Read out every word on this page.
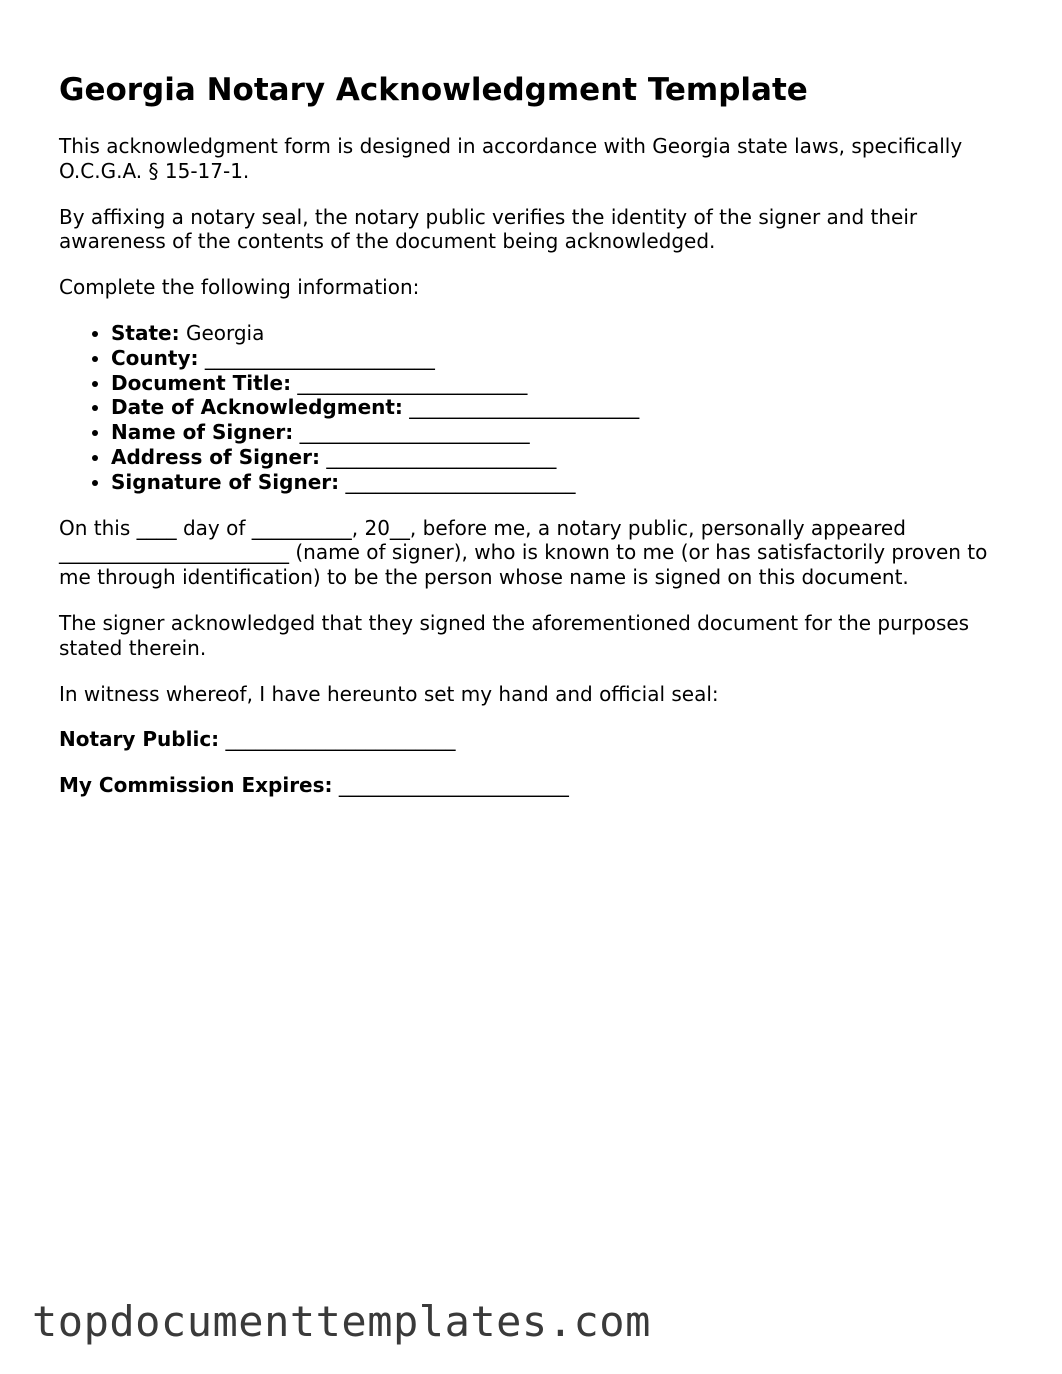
Georgia Notary Acknowledgment Template

This acknowledgment form is designed in accordance with Georgia state laws, specifically O.C.G.A. § 15-17-1.

By affixing a notary seal, the notary public verifies the identity of the signer and their awareness of the contents of the document being acknowledged.

Complete the following information:

• State: Georgia
• County: _______________________
• Document Title: _______________________
• Date of Acknowledgment: _______________________
• Name of Signer: _______________________
• Address of Signer: _______________________
• Signature of Signer: _______________________

On this ____ day of __________, 20__, before me, a notary public, personally appeared _______________________ (name of signer), who is known to me (or has satisfactorily proven to me through identification) to be the person whose name is signed on this document.

The signer acknowledged that they signed the aforementioned document for the purposes stated therein.

In witness whereof, I have hereunto set my hand and official seal:

Notary Public: _______________________

My Commission Expires: _______________________

topdocumenttemplates.com
